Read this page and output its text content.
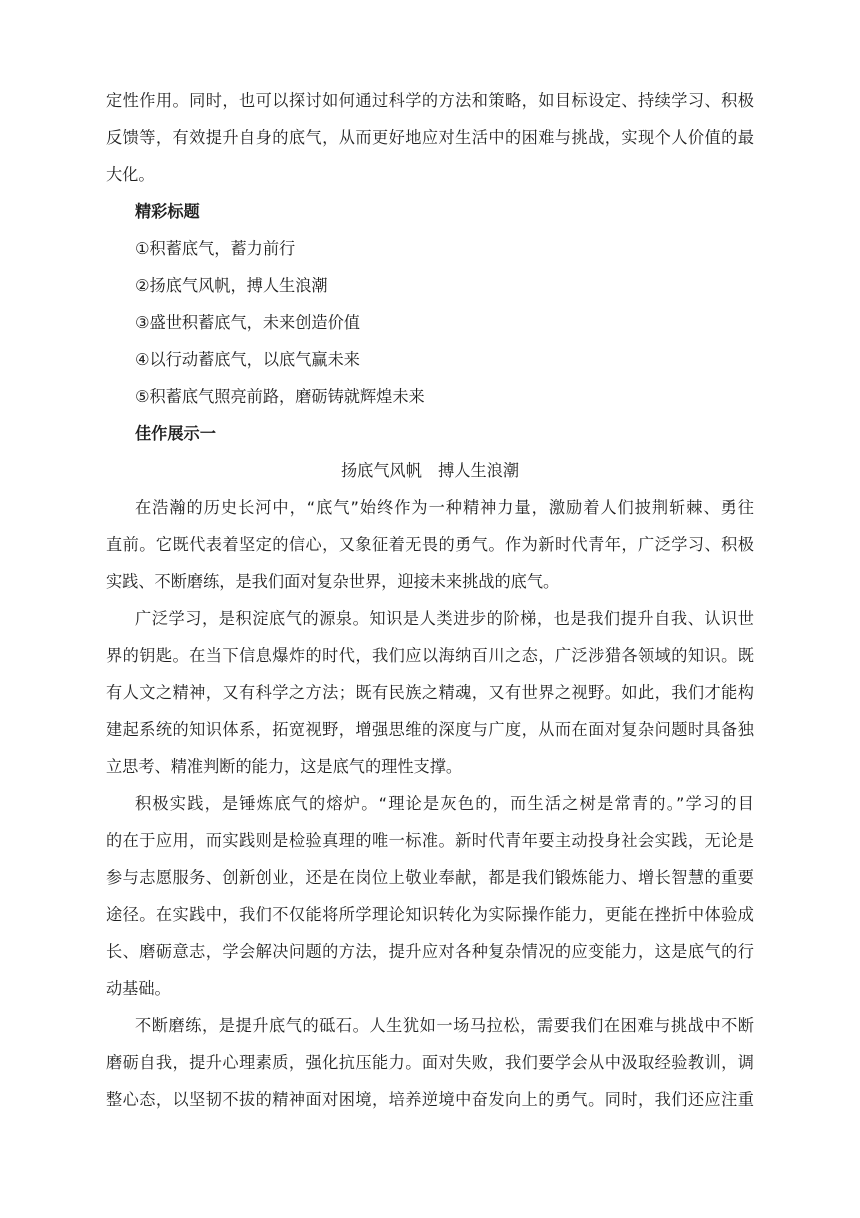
定性作用。同时，也可以探讨如何通过科学的方法和策略，如目标设定、持续学习、积极
反馈等，有效提升自身的底气，从而更好地应对生活中的困难与挑战，实现个人价值的最
大化。
精彩标题
①积蓄底气，蓄力前行
②扬底气风帆，搏人生浪潮
③盛世积蓄底气，未来创造价值
④以行动蓄底气，以底气赢未来
⑤积蓄底气照亮前路，磨砺铸就辉煌未来
佳作展示一
扬底气风帆　搏人生浪潮
在浩瀚的历史长河中，“底气”始终作为一种精神力量，激励着人们披荆斩棘、勇往
直前。它既代表着坚定的信心，又象征着无畏的勇气。作为新时代青年，广泛学习、积极
实践、不断磨练，是我们面对复杂世界，迎接未来挑战的底气。
广泛学习，是积淀底气的源泉。知识是人类进步的阶梯，也是我们提升自我、认识世
界的钥匙。在当下信息爆炸的时代，我们应以海纳百川之态，广泛涉猎各领域的知识。既
有人文之精神，又有科学之方法；既有民族之精魂，又有世界之视野。如此，我们才能构
建起系统的知识体系，拓宽视野，增强思维的深度与广度，从而在面对复杂问题时具备独
立思考、精准判断的能力，这是底气的理性支撑。
积极实践，是锤炼底气的熔炉。“理论是灰色的，而生活之树是常青的。”学习的目
的在于应用，而实践则是检验真理的唯一标准。新时代青年要主动投身社会实践，无论是
参与志愿服务、创新创业，还是在岗位上敬业奉献，都是我们锻炼能力、增长智慧的重要
途径。在实践中，我们不仅能将所学理论知识转化为实际操作能力，更能在挫折中体验成
长、磨砺意志，学会解决问题的方法，提升应对各种复杂情况的应变能力，这是底气的行
动基础。
不断磨练，是提升底气的砥石。人生犹如一场马拉松，需要我们在困难与挑战中不断
磨砺自我，提升心理素质，强化抗压能力。面对失败，我们要学会从中汲取经验教训，调
整心态，以坚韧不拔的精神面对困境，培养逆境中奋发向上的勇气。同时，我们还应注重
